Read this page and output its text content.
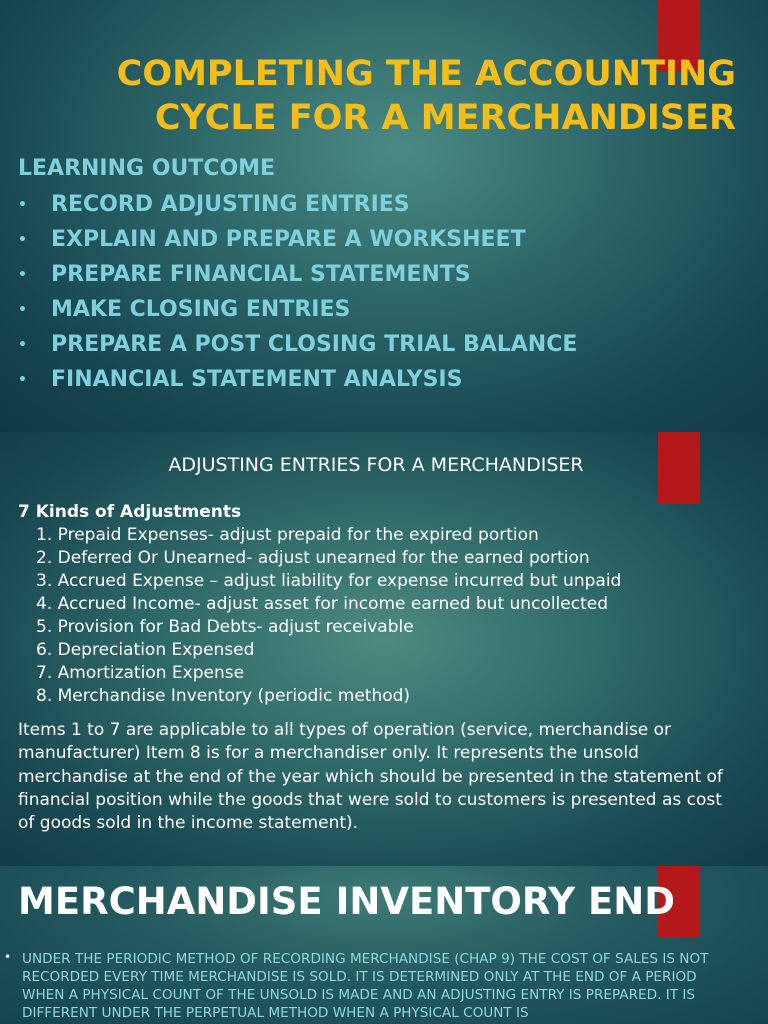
COMPLETING THE ACCOUNTING
CYCLE FOR A MERCHANDISER

LEARNING OUTCOME

• RECORD ADJUSTING ENTRIES
• EXPLAIN AND PREPARE A WORKSHEET
• PREPARE FINANCIAL STATEMENTS
• MAKE CLOSING ENTRIES
• PREPARE A POST CLOSING TRIAL BALANCE
• FINANCIAL STATEMENT ANALYSIS
ADJUSTING ENTRIES FOR A MERCHANDISER

7 Kinds of Adjustments

1. Prepaid Expenses- adjust prepaid for the expired portion
2. Deferred Or Unearned- adjust unearned for the earned portion
3. Accrued Expense – adjust liability for expense incurred but unpaid
4. Accrued Income- adjust asset for income earned but uncollected
5. Provision for Bad Debts- adjust receivable
6. Depreciation Expensed
7. Amortization Expense
8. Merchandise Inventory (periodic method)

Items 1 to 7 are applicable to all types of operation (service, merchandise or manufacturer) Item 8 is for a merchandiser only. It represents the unsold merchandise at the end of the year which should be presented in the statement of financial position while the goods that were sold to customers is presented as cost of goods sold in the income statement).

MERCHANDISE INVENTORY END
• UNDER THE PERIODIC METHOD OF RECORDING MERCHANDISE (CHAP 9) THE COST OF SALES IS NOT RECORDED EVERY TIME MERCHANDISE IS SOLD. IT IS DETERMINED ONLY AT THE END OF A PERIOD WHEN A PHYSICAL COUNT OF THE UNSOLD IS MADE AND AN ADJUSTING ENTRY IS PREPARED. IT IS DIFFERENT UNDER THE PERPETUAL METHOD WHEN A PHYSICAL COUNT IS
